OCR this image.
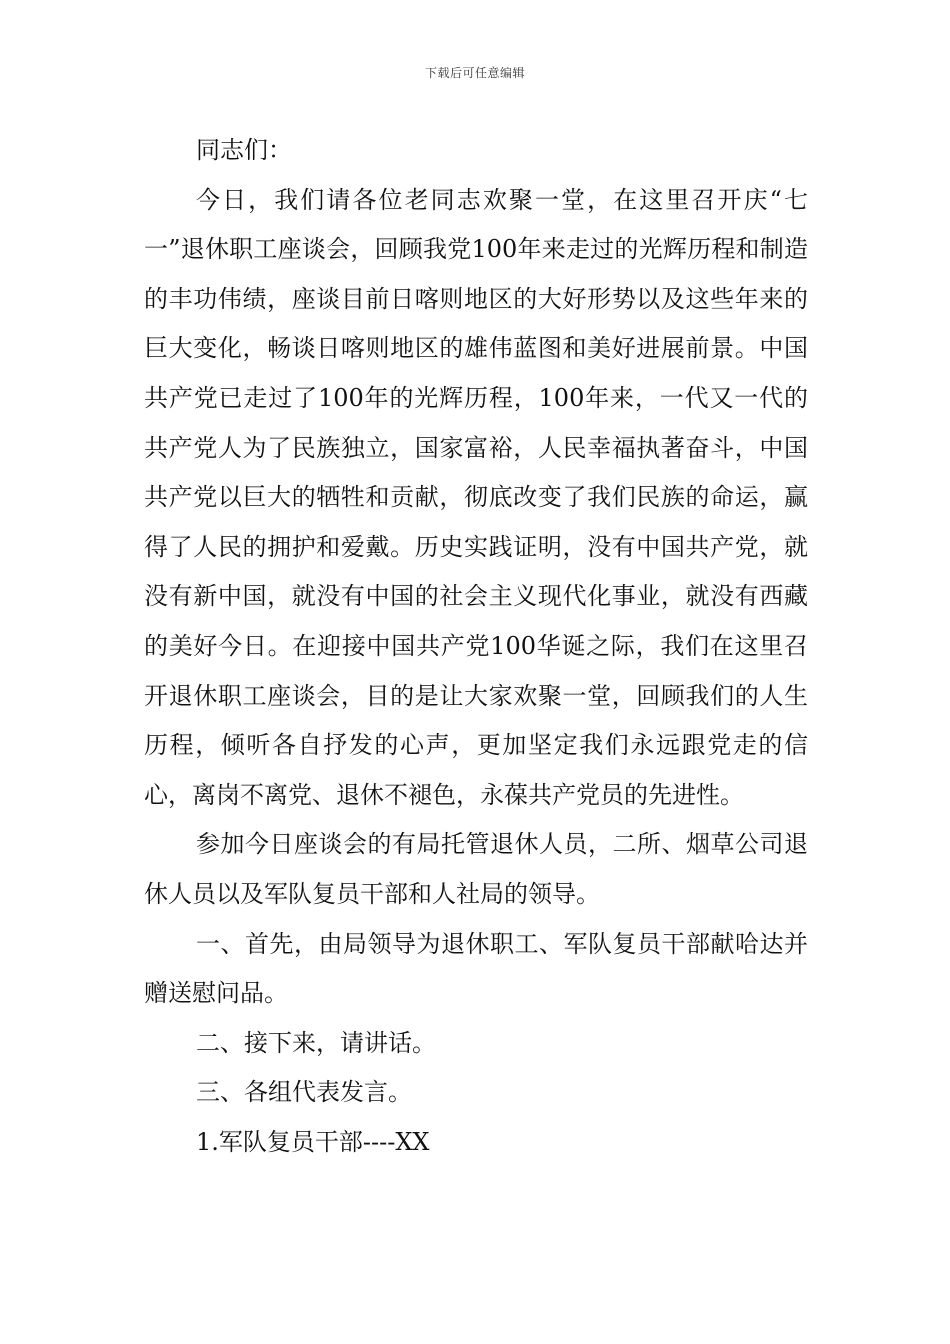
下载后可任意编辑

同志们：

今日，我们请各位老同志欢聚一堂，在这里召开庆“七一”退休职工座谈会，回顾我党100年来走过的光辉历程和制造的丰功伟绩，座谈目前日喀则地区的大好形势以及这些年来的巨大变化，畅谈日喀则地区的雄伟蓝图和美好进展前景。中国共产党已走过了100年的光辉历程，100年来，一代又一代的共产党人为了民族独立，国家富裕，人民幸福执著奋斗，中国共产党以巨大的牺牲和贡献，彻底改变了我们民族的命运，赢得了人民的拥护和爱戴。历史实践证明，没有中国共产党，就没有新中国，就没有中国的社会主义现代化事业，就没有西藏的美好今日。在迎接中国共产党100华诞之际，我们在这里召开退休职工座谈会，目的是让大家欢聚一堂，回顾我们的人生历程，倾听各自抒发的心声，更加坚定我们永远跟党走的信心，离岗不离党、退休不褪色，永葆共产党员的先进性。

参加今日座谈会的有局托管退休人员，二所、烟草公司退休人员以及军队复员干部和人社局的领导。

一、首先，由局领导为退休职工、军队复员干部献哈达并赠送慰问品。

二、接下来，请讲话。

三、各组代表发言。

1.军队复员干部----XX
